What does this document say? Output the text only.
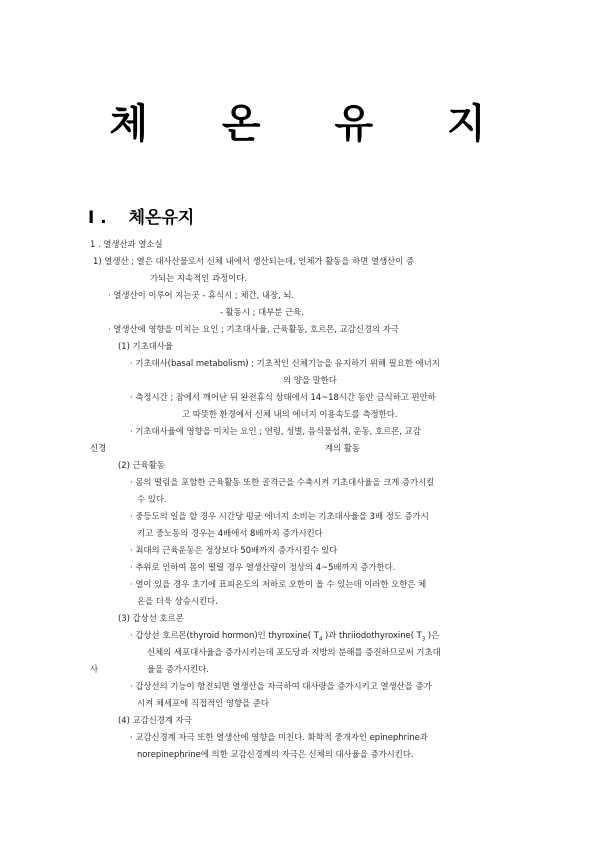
체 온 유 지
Ⅰ . 체온유지
1 . 열생산과 열소실
1) 열생산 ; 열은 대사산물로서 신체 내에서 생산되는데, 인체가 활동을 하면 열생산이 증
가되는 지속적인 과정이다.
· 열생산이 이루어 지는곳 - 휴식시 ; 체간, 내장, 뇌.
- 활동시 ; 대부분 근육.
· 열생산에 영향을 미치는 요인 ; 기초대사율, 근육활동, 호르몬, 교감신경의 자극
(1) 기초대사율
· 기초대사(basal metabolism) ; 기초적인 신체기능을 유지하기 위해 필요한 에너지
의 양을 말한다
· 측정시간 ; 잠에서 깨어난 뒤 완전휴식 상태에서 14~18시간 동안 금식하고 편안하
고 따뜻한 환경에서 신체 내의 에너지 이용속도를 측정한다.
· 기초대사율에 영향을 미치는 요인 ; 연령, 성별, 음식물섭취, 운동, 호르몬, 교감
신경	계의 활동
(2) 근육활동
· 몸의 떨림을 포함한 근육활동 또한 골격근을 수축시켜 기초대사율을 크게 증가시킬
수 있다.
· 중등도의 일을 할 경우 시간당 평균 에너지 소비는 기초대사율을 3배 정도 증가시
키고 중노동의 경우는 4배에서 8배까지 증가시킨다
· 최대의 근육운동은 정상보다 50배까지 증가시킬수 있다
· 추위로 인하여 몸이 떨릴 경우 열생산량이 정상의 4~5배까지 증가한다.
· 열이 있을 경우 초기에 표피온도의 저하로 오한이 올 수 있는데 이러한 오한은 체
온을 더욱 상승시킨다.
(3) 갑상선 호르몬
· 갑상선 호르몬(thyroid hormon)인 thyroxine( $T_4$ )과 thriiodothyroxine( $T_3$ )은
신체의 세포대사율을 증가시키는데 포도당과 지방의 분해를 증진하므로써 기초대
사	율을 증가시킨다.
· 갑상선의 기능이 항진되면 열생산을 자극하여 대사량을 증가시키고 열생산을 증가
시켜 체세포에 직접적인 영향을 준다
(4) 교감신경계 자극
· 교감신경계 자극 또한 열생산에 영향을 미친다. 화학적 중개자인 epinephrine과
norepinephrine에 의한 교감신경계의 자극은 신체의 대사율을 증가시킨다.
